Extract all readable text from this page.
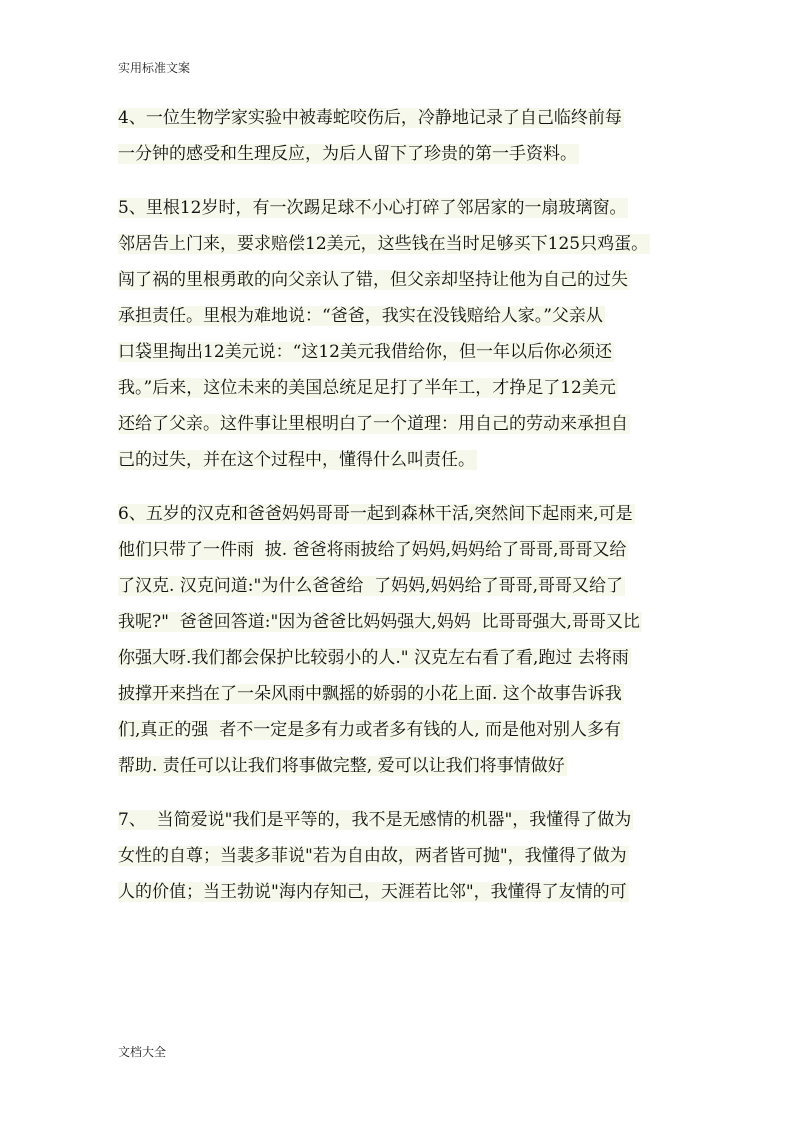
实用标准文案

4、一位生物学家实验中被毒蛇咬伤后，冷静地记录了自己临终前每
一分钟的感受和生理反应，为后人留下了珍贵的第一手资料。
5、里根12岁时，有一次踢足球不小心打碎了邻居家的一扇玻璃窗。
邻居告上门来，要求赔偿12美元，这些钱在当时足够买下125只鸡蛋。
闯了祸的里根勇敢的向父亲认了错，但父亲却坚持让他为自己的过失
承担责任。里根为难地说：“爸爸，我实在没钱赔给人家。”父亲从
口袋里掏出12美元说：“这12美元我借给你，但一年以后你必须还
我。”后来，这位未来的美国总统足足打了半年工，才挣足了12美元
还给了父亲。这件事让里根明白了一个道理：用自己的劳动来承担自
己的过失，并在这个过程中，懂得什么叫责任。
6、五岁的汉克和爸爸妈妈哥哥一起到森林干活,突然间下起雨来,可是
他们只带了一件雨  披. 爸爸将雨披给了妈妈,妈妈给了哥哥,哥哥又给
了汉克. 汉克问道:"为什么爸爸给  了妈妈,妈妈给了哥哥,哥哥又给了
我呢?"  爸爸回答道:"因为爸爸比妈妈强大,妈妈  比哥哥强大,哥哥又比
你强大呀.我们都会保护比较弱小的人." 汉克左右看了看,跑过 去将雨
披撑开来挡在了一朵风雨中飘摇的娇弱的小花上面. 这个故事告诉我
们,真正的强  者不一定是多有力或者多有钱的人, 而是他对别人多有
帮助. 责任可以让我们将事做完整, 爱可以让我们将事情做好
7、  当简爱说"我们是平等的，我不是无感情的机器"，我懂得了做为
女性的自尊；当裴多菲说"若为自由故，两者皆可抛"，我懂得了做为
人的价值；当王勃说"海内存知己，天涯若比邻"，我懂得了友情的可

文档大全
